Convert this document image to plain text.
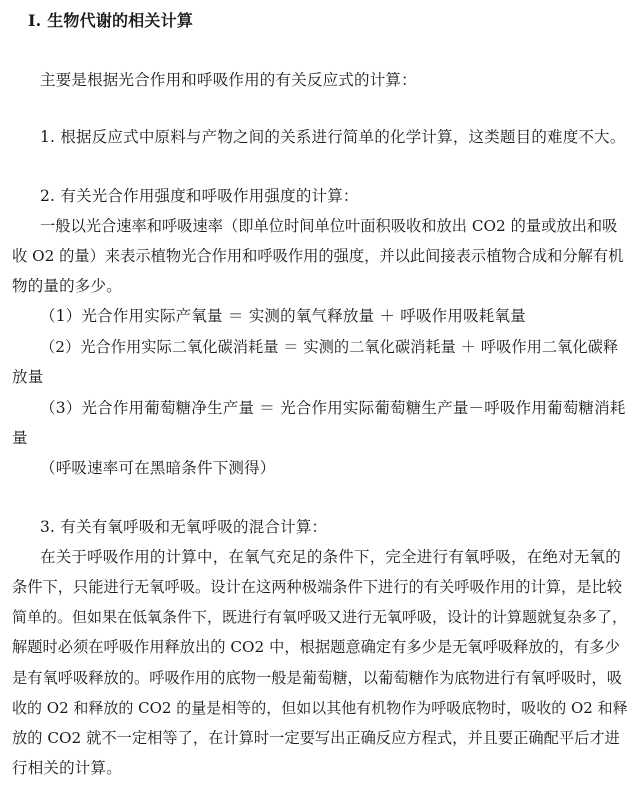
Ⅰ. 生物代谢的相关计算
主要是根据光合作用和呼吸作用的有关反应式的计算：
1. 根据反应式中原料与产物之间的关系进行简单的化学计算，这类题目的难度不大。
2. 有关光合作用强度和呼吸作用强度的计算：
一般以光合速率和呼吸速率（即单位时间单位叶面积吸收和放出 CO2 的量或放出和吸
收 O2 的量）来表示植物光合作用和呼吸作用的强度，并以此间接表示植物合成和分解有机
物的量的多少。
（1）光合作用实际产氧量 ＝ 实测的氧气释放量 ＋ 呼吸作用吸耗氧量
（2）光合作用实际二氧化碳消耗量 ＝ 实测的二氧化碳消耗量 ＋ 呼吸作用二氧化碳释
放量
（3）光合作用葡萄糖净生产量 ＝ 光合作用实际葡萄糖生产量－呼吸作用葡萄糖消耗
量
（呼吸速率可在黑暗条件下测得）
3. 有关有氧呼吸和无氧呼吸的混合计算：
在关于呼吸作用的计算中，在氧气充足的条件下，完全进行有氧呼吸，在绝对无氧的
条件下，只能进行无氧呼吸。设计在这两种极端条件下进行的有关呼吸作用的计算，是比较
简单的。但如果在低氧条件下，既进行有氧呼吸又进行无氧呼吸，设计的计算题就复杂多了，
解题时必须在呼吸作用释放出的 CO2 中，根据题意确定有多少是无氧呼吸释放的，有多少
是有氧呼吸释放的。呼吸作用的底物一般是葡萄糖，以葡萄糖作为底物进行有氧呼吸时，吸
收的 O2 和释放的 CO2 的量是相等的，但如以其他有机物作为呼吸底物时，吸收的 O2 和释
放的 CO2 就不一定相等了，在计算时一定要写出正确反应方程式，并且要正确配平后才进
行相关的计算。
